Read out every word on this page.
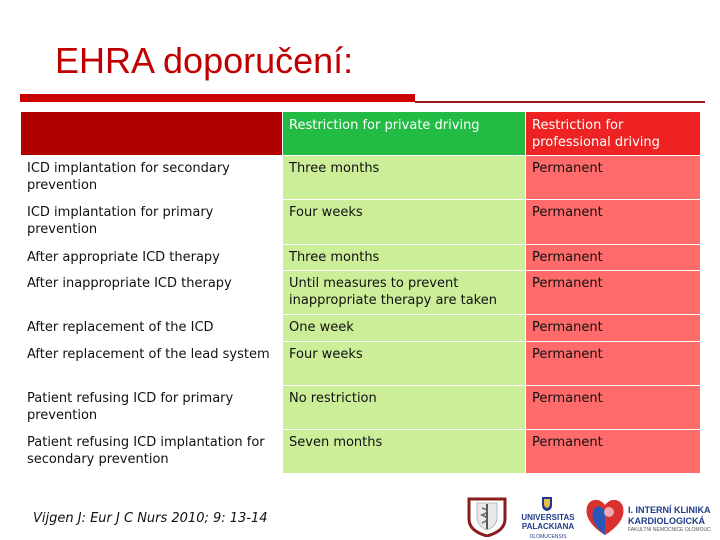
EHRA doporučení:
	Restriction for private driving	Restriction for professional driving
ICD implantation for secondary prevention	Three months	Permanent
ICD implantation for primary prevention	Four weeks	Permanent
After appropriate ICD therapy	Three months	Permanent
After inappropriate ICD therapy	Until measures to prevent inappropriate therapy are taken	Permanent
After replacement of the ICD	One week	Permanent
After replacement of the lead system	Four weeks	Permanent
Patient refusing ICD for primary prevention	No restriction	Permanent
Patient refusing ICD implantation for secondary prevention	Seven months	Permanent
Vijgen J: Eur J C Nurs 2010; 9: 13-14	UNIVERSITAS PALACKIANA
OLOMUCENSIS
I. INTERNÍ KLINIKA
KARDIOLOGICKÁ
FAKULTNÍ NEMOCNICE OLOMOUC
